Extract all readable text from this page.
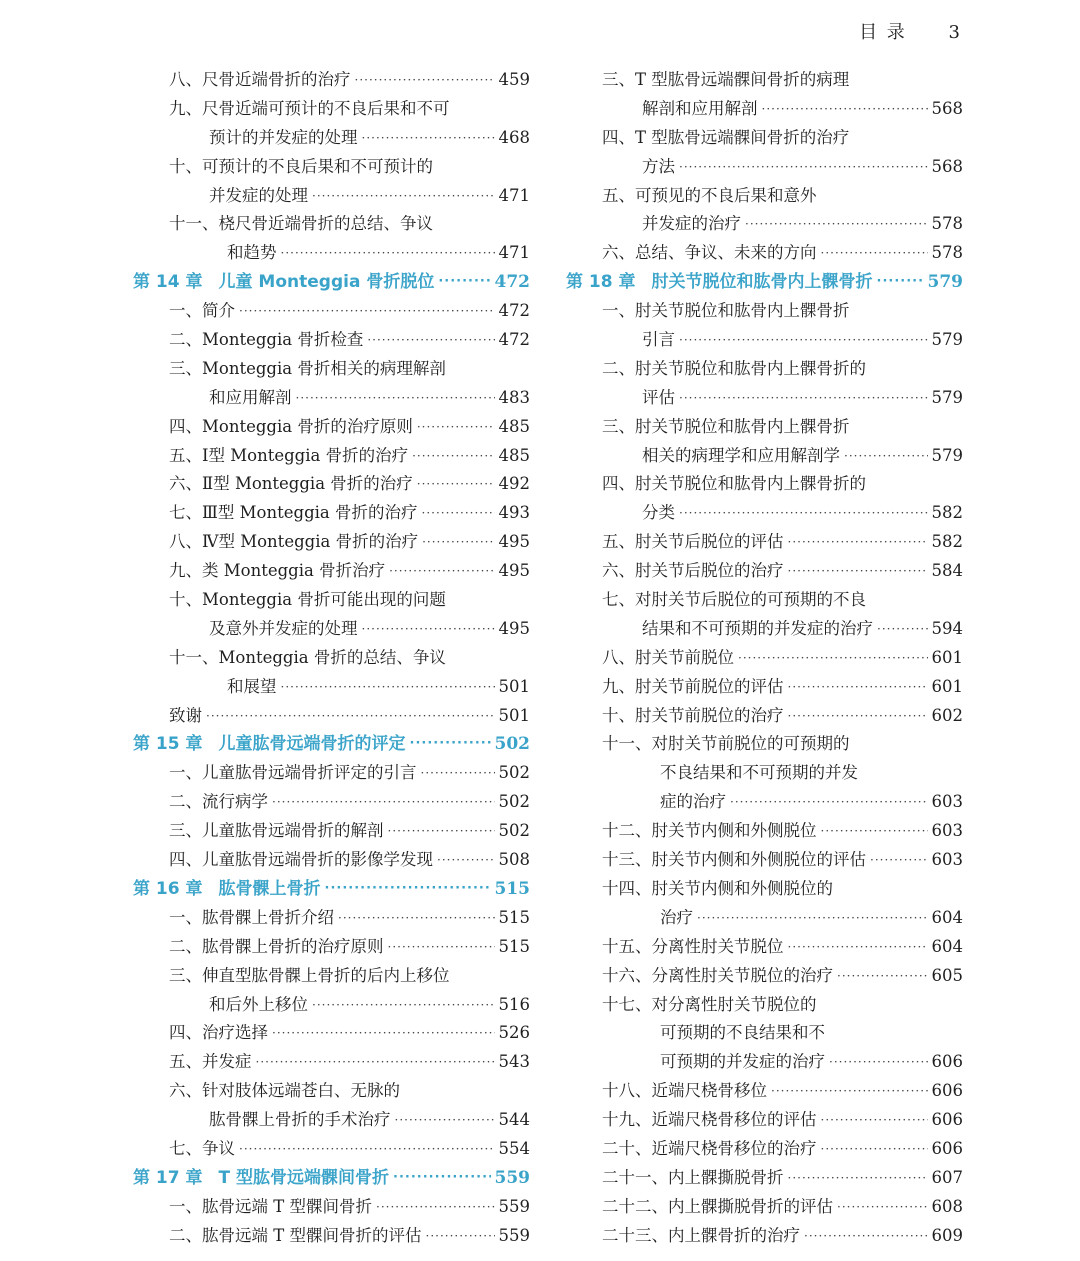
目 录 3
八、 尺骨近端骨折的治疗 ·····	459
九、 尺骨近端可预计的不良后果和不可
预计的并发症的处理 ·····	468
十、 可预计的不良后果和不可预计的
并发症的处理 ·····	471
十一、 桡尺骨近端骨折的总结、争议
和趋势 ·····	471
第 14 章 儿童 Monteggia 骨折脱位 ·····	472
一、 简介 ·····	472
二、 Monteggia 骨折检查 ·····	472
三、 Monteggia 骨折相关的病理解剖
和应用解剖 ·····	483
四、 Monteggia 骨折的治疗原则 ·····	485
五、 Ⅰ型 Monteggia 骨折的治疗 ·····	485
六、 Ⅱ型 Monteggia 骨折的治疗 ·····	492
七、 Ⅲ型 Monteggia 骨折的治疗 ·····	493
八、 Ⅳ型 Monteggia 骨折的治疗 ·····	495
九、 类 Monteggia 骨折治疗 ·····	495
十、 Monteggia 骨折可能出现的问题
及意外并发症的处理 ·····	495
十一、 Monteggia 骨折的总结、争议
和展望 ·····	501
致谢 ·····	501
第 15 章 儿童肱骨远端骨折的评定 ·····	502
一、 儿童肱骨远端骨折评定的引言 ·····	502
二、 流行病学 ·····	502
三、 儿童肱骨远端骨折的解剖 ·····	502
四、 儿童肱骨远端骨折的影像学发现 ·····	508
第 16 章 肱骨髁上骨折 ·····	515
一、 肱骨髁上骨折介绍 ·····	515
二、 肱骨髁上骨折的治疗原则 ·····	515
三、 伸直型肱骨髁上骨折的后内上移位
和后外上移位 ·····	516
四、 治疗选择 ·····	526
五、 并发症 ·····	543
六、 针对肢体远端苍白、无脉的
肱骨髁上骨折的手术治疗 ·····	544
七、 争议 ·····	554
第 17 章 T 型肱骨远端髁间骨折 ·····	559
一、 肱骨远端 T 型髁间骨折 ·····	559
二、 肱骨远端 T 型髁间骨折的评估 ·····	559
三、 T 型肱骨远端髁间骨折的病理
解剖和应用解剖 ·····	568
四、 T 型肱骨远端髁间骨折的治疗
方法 ·····	568
五、 可预见的不良后果和意外
并发症的治疗 ·····	578
六、 总结、争议、未来的方向 ·····	578
第 18 章 肘关节脱位和肱骨内上髁骨折 ·····	579
一、 肘关节脱位和肱骨内上髁骨折
引言 ·····	579
二、 肘关节脱位和肱骨内上髁骨折的
评估 ·····	579
三、 肘关节脱位和肱骨内上髁骨折
相关的病理学和应用解剖学 ·····	579
四、 肘关节脱位和肱骨内上髁骨折的
分类 ·····	582
五、 肘关节后脱位的评估 ·····	582
六、 肘关节后脱位的治疗 ·····	584
七、 对肘关节后脱位的可预期的不良
结果和不可预期的并发症的治疗 ·····	594
八、 肘关节前脱位 ·····	601
九、 肘关节前脱位的评估 ·····	601
十、 肘关节前脱位的治疗 ·····	602
十一、 对肘关节前脱位的可预期的
不良结果和不可预期的并发
症的治疗 ·····	603
十二、 肘关节内侧和外侧脱位 ·····	603
十三、 肘关节内侧和外侧脱位的评估 ·····	603
十四、 肘关节内侧和外侧脱位的
治疗 ·····	604
十五、 分离性肘关节脱位 ·····	604
十六、 分离性肘关节脱位的治疗 ·····	605
十七、 对分离性肘关节脱位的
可预期的不良结果和不
可预期的并发症的治疗 ·····	606
十八、 近端尺桡骨移位 ·····	606
十九、 近端尺桡骨移位的评估 ·····	606
二十、 近端尺桡骨移位的治疗 ·····	606
二十一、 内上髁撕脱骨折 ·····	607
二十二、 内上髁撕脱骨折的评估 ·····	608
二十三、 内上髁骨折的治疗 ·····	609
